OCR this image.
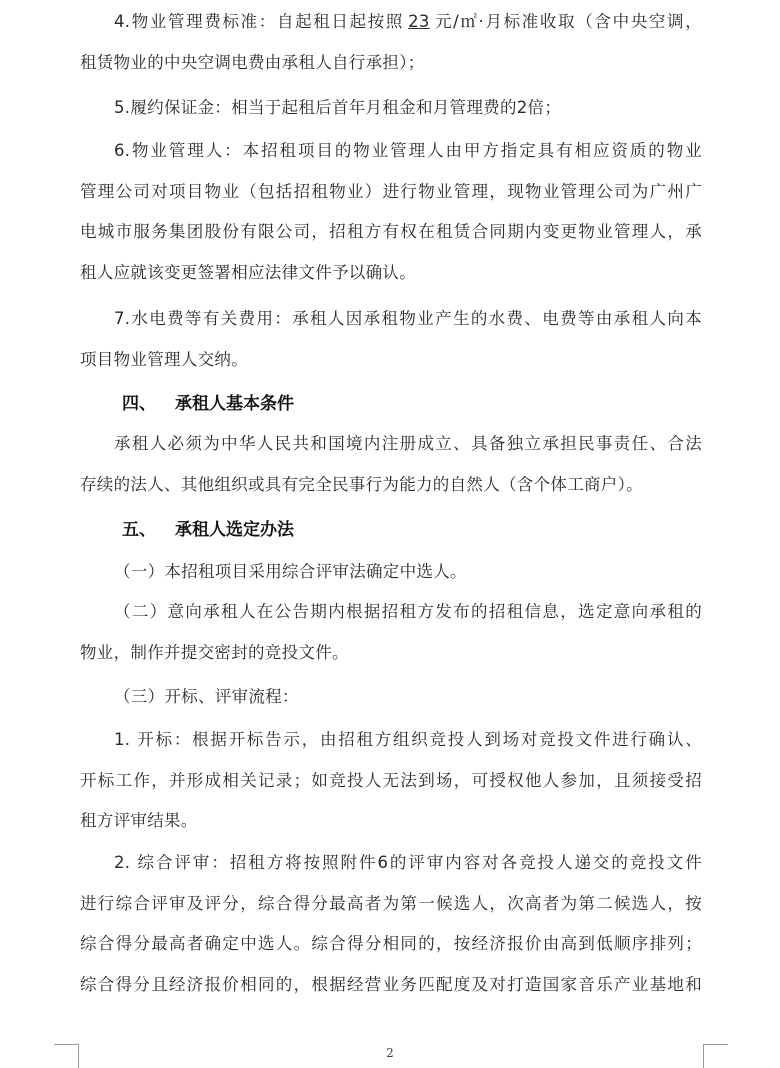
4.物业管理费标准：自起租日起按照 23 元/㎡·月标准收取（含中央空调，
租赁物业的中央空调电费由承租人自行承担）；

5.履约保证金：相当于起租后首年月租金和月管理费的2倍；

6.物业管理人：本招租项目的物业管理人由甲方指定具有相应资质的物业
管理公司对项目物业（包括招租物业）进行物业管理，现物业管理公司为广州广
电城市服务集团股份有限公司，招租方有权在租赁合同期内变更物业管理人，承
租人应就该变更签署相应法律文件予以确认。

7.水电费等有关费用：承租人因承租物业产生的水费、电费等由承租人向本
项目物业管理人交纳。

四、 承租人基本条件

承租人必须为中华人民共和国境内注册成立、具备独立承担民事责任、合法
存续的法人、其他组织或具有完全民事行为能力的自然人（含个体工商户）。

五、 承租人选定办法

（一）本招租项目采用综合评审法确定中选人。

（二）意向承租人在公告期内根据招租方发布的招租信息，选定意向承租的
物业，制作并提交密封的竞投文件。

（三）开标、评审流程：

1. 开标：根据开标告示，由招租方组织竞投人到场对竞投文件进行确认、
开标工作，并形成相关记录；如竞投人无法到场，可授权他人参加，且须接受招
租方评审结果。

2. 综合评审：招租方将按照附件6的评审内容对各竞投人递交的竞投文件
进行综合评审及评分，综合得分最高者为第一候选人，次高者为第二候选人，按
综合得分最高者确定中选人。综合得分相同的，按经济报价由高到低顺序排列；
综合得分且经济报价相同的，根据经营业务匹配度及对打造国家音乐产业基地和

2
